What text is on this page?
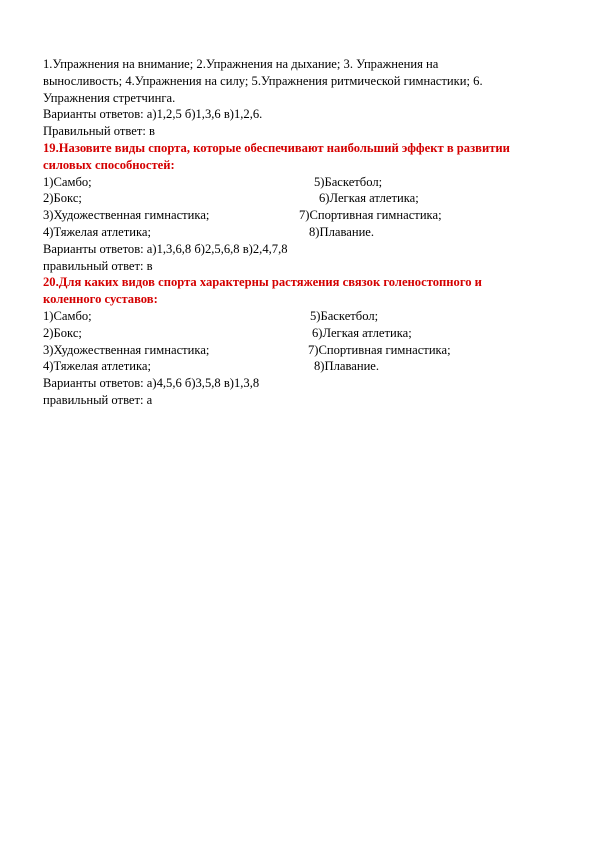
1.Упражнения на внимание; 2.Упражнения на дыхание; 3. Упражнения на
выносливость; 4.Упражнения на силу; 5.Упражнения ритмической гимнастики; 6.
Упражнения стретчинга.
Варианты ответов: а)1,2,5 б)1,3,6 в)1,2,6.
Правильный ответ: в
19.Назовите виды спорта, которые обеспечивают наибольший эффект в развитии
силовых способностей:
1)Самбо;	5)Баскетбол;
2)Бокс;	6)Легкая атлетика;
3)Художественная гимнастика;	7)Спортивная гимнастика;
4)Тяжелая атлетика;	8)Плавание.
Варианты ответов: а)1,3,6,8 б)2,5,6,8 в)2,4,7,8
правильный ответ: в
20.Для каких видов спорта характерны растяжения связок голеностопного и
коленного суставов:
1)Самбо;	5)Баскетбол;
2)Бокс;	6)Легкая атлетика;
3)Художественная гимнастика;	7)Спортивная гимнастика;
4)Тяжелая атлетика;	8)Плавание.
Варианты ответов: а)4,5,6 б)3,5,8 в)1,3,8
правильный ответ: а
